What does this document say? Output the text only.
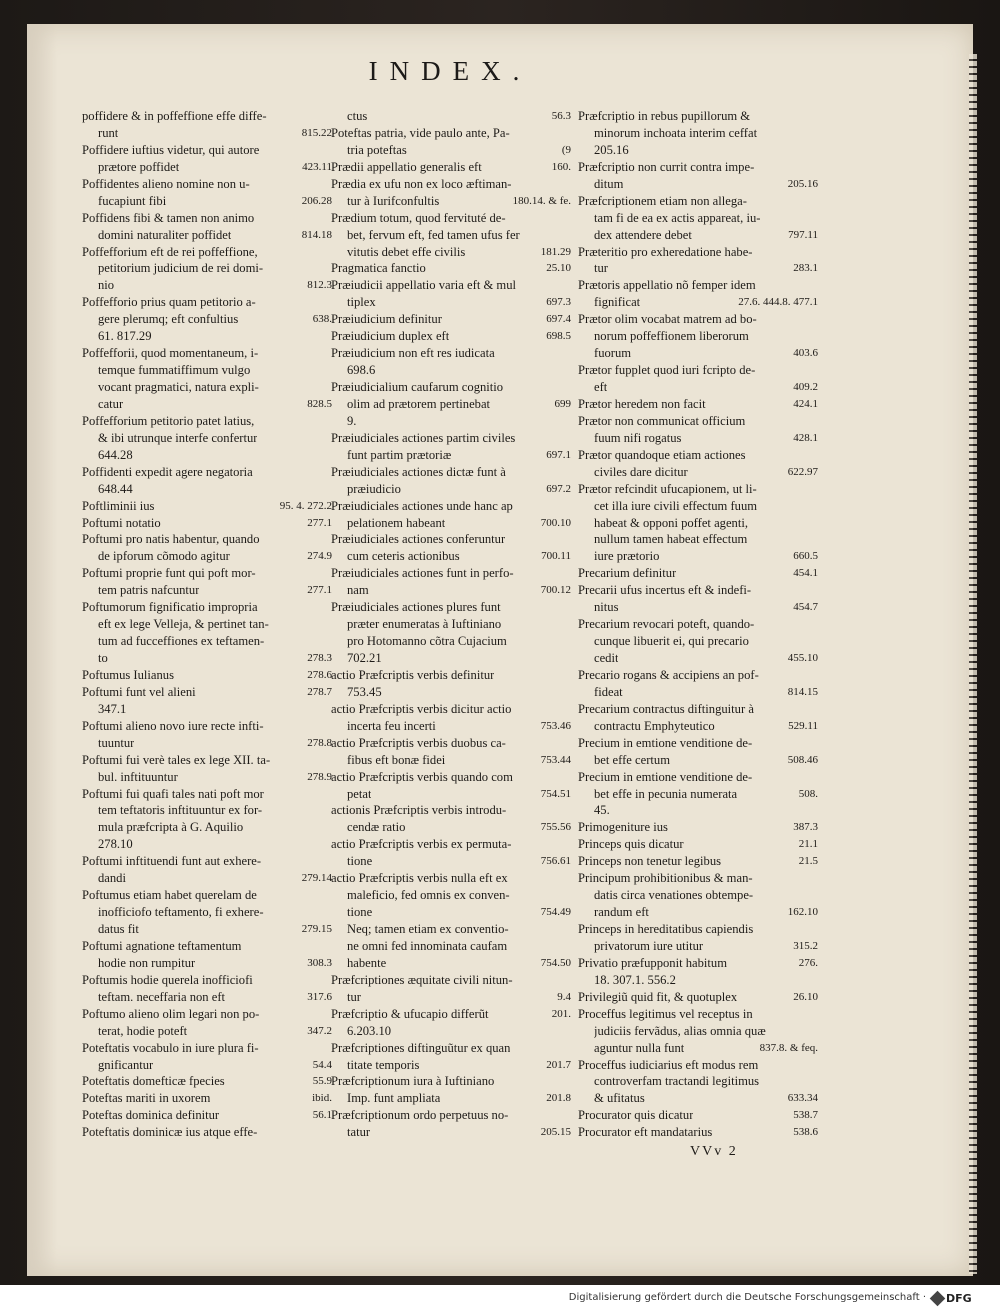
INDEX.
poffidere & in poffeffione effe diffe-
runt	815.22
Poffidere iuftius videtur, qui autore
prætore poffidet	423.11
Poffidentes alieno nomine non u-
fucapiunt fibi	206.28
Poffidens fibi & tamen non animo
domini naturaliter poffidet	814.18
Poffefforium eft de rei poffeffione,
petitorium judicium de rei domi-
nio	812.3
Poffefforio prius quam petitorio a-
gere plerumq; eft confultius	638.
61. 817.29
Poffefforii, quod momentaneum, i-
temque fummatiffimum vulgo
vocant pragmatici, natura expli-
catur	828.5
Poffefforium petitorio patet latius,
& ibi utrunque interfe confertur
644.28
Poffidenti expedit agere negatoria
648.44
Poftliminii ius	95. 4. 272.2
Poftumi notatio	277.1
Poftumi pro natis habentur, quando
de ipforum cõmodo agitur	274.9
Poftumi proprie funt qui poft mor-
tem patris nafcuntur	277.1
Poftumorum fignificatio impropria
eft ex lege Velleja, & pertinet tan-
tum ad fucceffiones ex teftamen-
to	278.3
Poftumus Iulianus	278.6
Poftumi funt vel alieni	278.7
347.1
Poftumi alieno novo iure recte infti-
tuuntur	278.8
Poftumi fui verè tales ex lege XII. ta-
bul. inftituuntur	278.9
Poftumi fui quafi tales nati poft mor
tem teftatoris inftituuntur ex for-
mula præfcripta à G. Aquilio
278.10
Poftumi inftituendi funt aut exhere-
dandi	279.14
Poftumus etiam habet querelam de
inofficiofo teftamento, fi exhere-
datus fit	279.15
Poftumi agnatione teftamentum
hodie non rumpitur	308.3
Poftumis hodie querela inofficiofi
teftam. neceffaria non eft	317.6
Poftumo alieno olim legari non po-
terat, hodie poteft	347.2
Poteftatis vocabulo in iure plura fi-
gnificantur	54.4
Poteftatis domefticæ fpecies	55.9
Poteftas mariti in uxorem	ibid.
Poteftas dominica definitur	56.1
Poteftatis dominicæ ius atque effe-
ctus	56.3
Poteftas patria, vide paulo ante, Pa-
tria poteftas	(9
Prædii appellatio generalis eft	160.
Prædia ex ufu non ex loco æftiman-
tur à Iurifconfultis	180.14. & fe.
Prædium totum, quod fervituté de-
bet, fervum eft, fed tamen ufus fer
vitutis debet effe civilis	181.29
Pragmatica fanctio	25.10
Præiudicii appellatio varia eft & mul
tiplex	697.3
Præiudicium definitur	697.4
Præiudicium duplex eft	698.5
Præiudicium non eft res iudicata
698.6
Præiudicialium caufarum cognitio
olim ad prætorem pertinebat	699
9.
Præiudiciales actiones partim civiles
funt partim prætoriæ	697.1
Præiudiciales actiones dictæ funt à
præiudicio	697.2
Præiudiciales actiones unde hanc ap
pelationem habeant	700.10
Præiudiciales actiones conferuntur
cum ceteris actionibus	700.11
Præiudiciales actiones funt in perfo-
nam	700.12
Præiudiciales actiones plures funt
præter enumeratas à Iuftiniano
pro Hotomanno cõtra Cujacium
702.21
actio Præfcriptis verbis definitur
753.45
actio Præfcriptis verbis dicitur actio
incerta feu incerti	753.46
actio Præfcriptis verbis duobus ca-
fibus eft bonæ fidei	753.44
actio Præfcriptis verbis quando com
petat	754.51
actionis Præfcriptis verbis introdu-
cendæ ratio	755.56
actio Præfcriptis verbis ex permuta-
tione	756.61
actio Præfcriptis verbis nulla eft ex
maleficio, fed omnis ex conven-
tione	754.49
Neq; tamen etiam ex conventio-
ne omni fed innominata caufam
habente	754.50
Præfcriptiones æquitate civili nitun-
tur	9.4
Præfcriptio & ufucapio differũt	201.
6.203.10
Præfcriptiones diftinguũtur ex quan
titate temporis	201.7
Præfcriptionum iura à Iuftiniano
Imp. funt ampliata	201.8
Præfcriptionum ordo perpetuus no-
tatur	205.15
Præfcriptio in rebus pupillorum &
minorum inchoata interim ceffat
205.16
Præfcriptio non currit contra impe-
ditum	205.16
Præfcriptionem etiam non allega-
tam fi de ea ex actis appareat, iu-
dex attendere debet	797.11
Præteritio pro exheredatione habe-
tur	283.1
Prætoris appellatio nõ femper idem
fignificat	27.6. 444.8. 477.1
Prætor olim vocabat matrem ad bo-
norum poffeffionem liberorum
fuorum	403.6
Prætor fupplet quod iuri fcripto de-
eft	409.2
Prætor heredem non facit	424.1
Prætor non communicat officium
fuum nifi rogatus	428.1
Prætor quandoque etiam actiones
civiles dare dicitur	622.97
Prætor refcindit ufucapionem, ut li-
cet illa iure civili effectum fuum
habeat & opponi poffet agenti,
nullum tamen habeat effectum
iure prætorio	660.5
Precarium definitur	454.1
Precarii ufus incertus eft & indefi-
nitus	454.7
Precarium revocari poteft, quando-
cunque libuerit ei, qui precario
cedit	455.10
Precario rogans & accipiens an pof-
fideat	814.15
Precarium contractus diftinguitur à
contractu Emphyteutico	529.11
Precium in emtione venditione de-
bet effe certum	508.46
Precium in emtione venditione de-
bet effe in pecunia numerata	508.
45.
Primogeniture ius	387.3
Princeps quis dicatur	21.1
Princeps non tenetur legibus	21.5
Principum prohibitionibus & man-
datis circa venationes obtempe-
randum eft	162.10
Princeps in hereditatibus capiendis
privatorum iure utitur	315.2
Privatio præfupponit habitum	276.
18. 307.1. 556.2
Privilegiũ quid fit, & quotuplex	26.10
Proceffus legitimus vel receptus in
judiciis fervãdus, alias omnia quæ
aguntur nulla funt	837.8. & feq.
Proceffus iudiciarius eft modus rem
controverfam tractandi legitimus
& ufitatus	633.34
Procurator quis dicatur	538.7
Procurator eft mandatarius	538.6
VVv 2
Digitalisierung gefördert durch die Deutsche Forschungsgemeinschaft · DFG
